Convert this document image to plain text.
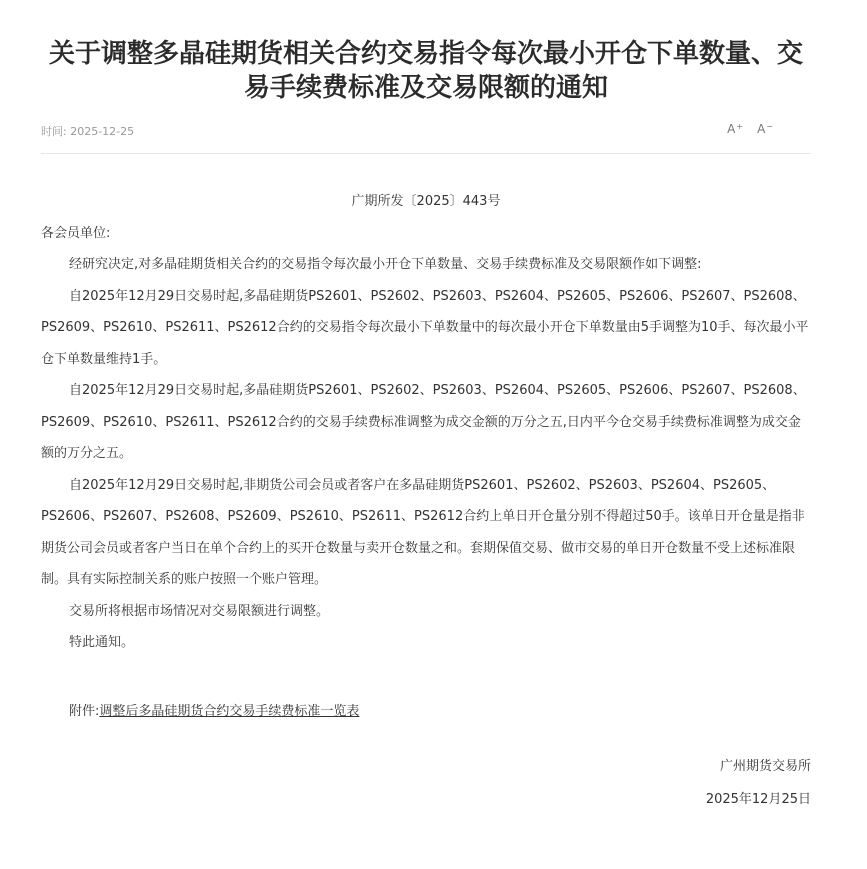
关于调整多晶硅期货相关合约交易指令每次最小开仓下单数量、交易手续费标准及交易限额的通知
时间: 2025-12-25	A + A −
广期所发〔2025〕443号

各会员单位:

经研究决定,对多晶硅期货相关合约的交易指令每次最小开仓下单数量、交易手续费标准及交易限额作如下调整:

自2025年12月29日交易时起,多晶硅期货PS2601、PS2602、PS2603、PS2604、PS2605、PS2606、PS2607、PS2608、PS2609、PS2610、PS2611、PS2612合约的交易指令每次最小下单数量中的每次最小开仓下单数量由5手调整为10手、每次最小平仓下单数量维持1手。

自2025年12月29日交易时起,多晶硅期货PS2601、PS2602、PS2603、PS2604、PS2605、PS2606、PS2607、PS2608、PS2609、PS2610、PS2611、PS2612合约的交易手续费标准调整为成交金额的万分之五,日内平今仓交易手续费标准调整为成交金额的万分之五。

自2025年12月29日交易时起,非期货公司会员或者客户在多晶硅期货PS2601、PS2602、PS2603、PS2604、PS2605、PS2606、PS2607、PS2608、PS2609、PS2610、PS2611、PS2612合约上单日开仓量分别不得超过50手。该单日开仓量是指非期货公司会员或者客户当日在单个合约上的买开仓数量与卖开仓数量之和。套期保值交易、做市交易的单日开仓数量不受上述标准限制。具有实际控制关系的账户按照一个账户管理。

交易所将根据市场情况对交易限额进行调整。

特此通知。

附件:调整后多晶硅期货合约交易手续费标准一览表

广州期货交易所
2025年12月25日
